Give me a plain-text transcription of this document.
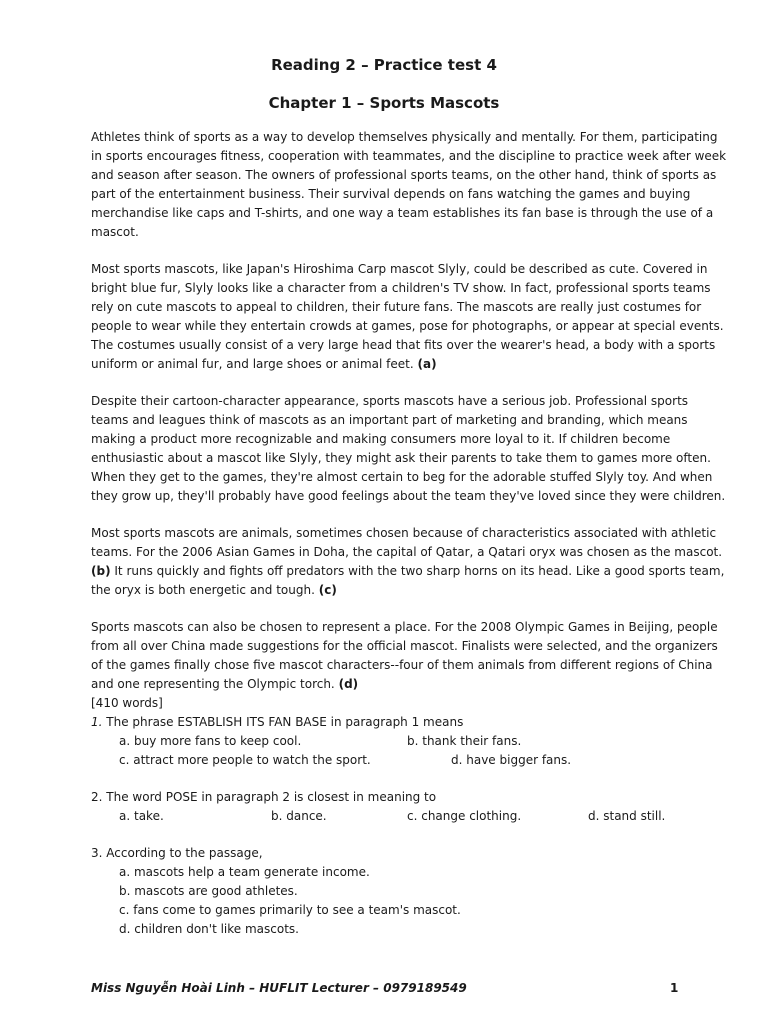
Reading 2 – Practice test 4
Chapter 1 – Sports Mascots

Athletes think of sports as a way to develop themselves physically and mentally. For them, participating in sports encourages fitness, cooperation with teammates, and the discipline to practice week after week and season after season. The owners of professional sports teams, on the other hand, think of sports as part of the entertainment business. Their survival depends on fans watching the games and buying merchandise like caps and T-shirts, and one way a team establishes its fan base is through the use of a mascot.

Most sports mascots, like Japan's Hiroshima Carp mascot Slyly, could be described as cute. Covered in bright blue fur, Slyly looks like a character from a children's TV show. In fact, professional sports teams rely on cute mascots to appeal to children, their future fans. The mascots are really just costumes for people to wear while they entertain crowds at games, pose for photographs, or appear at special events. The costumes usually consist of a very large head that fits over the wearer's head, a body with a sports uniform or animal fur, and large shoes or animal feet. (a)

Despite their cartoon-character appearance, sports mascots have a serious job. Professional sports teams and leagues think of mascots as an important part of marketing and branding, which means making a product more recognizable and making consumers more loyal to it. If children become enthusiastic about a mascot like Slyly, they might ask their parents to take them to games more often. When they get to the games, they're almost certain to beg for the adorable stuffed Slyly toy. And when they grow up, they'll probably have good feelings about the team they've loved since they were children.

Most sports mascots are animals, sometimes chosen because of characteristics associated with athletic teams. For the 2006 Asian Games in Doha, the capital of Qatar, a Qatari oryx was chosen as the mascot. (b) It runs quickly and fights off predators with the two sharp horns on its head. Like a good sports team, the oryx is both energetic and tough. (c)

Sports mascots can also be chosen to represent a place. For the 2008 Olympic Games in Beijing, people from all over China made suggestions for the official mascot. Finalists were selected, and the organizers of the games finally chose five mascot characters--four of them animals from different regions of China and one representing the Olympic torch. (d)

[410 words]

1. The phrase ESTABLISH ITS FAN BASE in paragraph 1 means

a. buy more fans to keep cool.	b. thank their fans.
c. attract more people to watch the sport.	d. have bigger fans.

2. The word POSE in paragraph 2 is closest in meaning to

a. take.	b. dance.	c. change clothing.	d. stand still.

3. According to the passage,

a. mascots help a team generate income.
b. mascots are good athletes.
c. fans come to games primarily to see a team's mascot.
d. children don't like mascots.
Miss Nguyễn Hoài Linh – HUFLIT Lecturer – 0979189549	1
